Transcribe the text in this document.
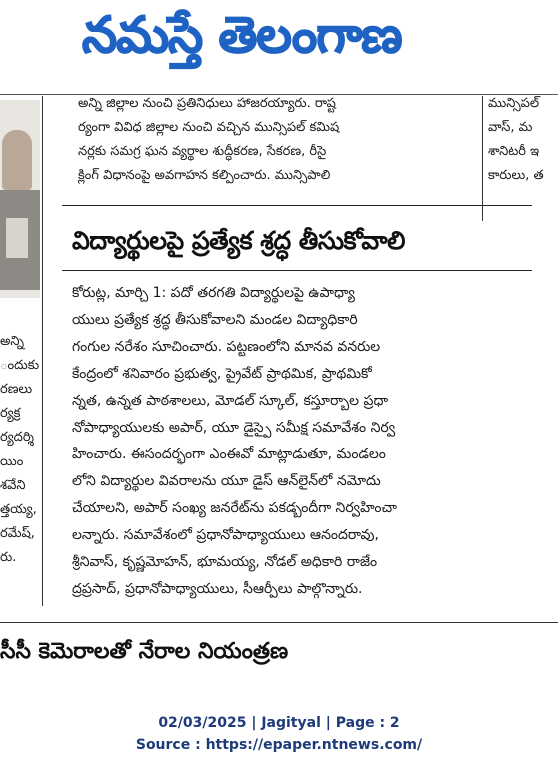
నమస్తే తెలంగాణ
అన్ని జిల్లాల నుంచి ప్రతినిధులు హాజరయ్యారు. రాష్ట
ర్యంగా వివిధ జిల్లాల నుంచి వచ్చిన మున్సిపల్ కమిష
నర్లకు సమగ్ర ఘన వ్యర్థాల శుద్ధీకరణ, సేకరణ, రీసై
క్లింగ్ విధానంపై అవగాహన కల్పించారు. మున్సిపాలి
మున్సిపల్
వాస్, మ
శానిటరీ ఇ
కారులు, త
అన్ని
ందుకు
రణలు
ర్యక్ర
ర్యదర్శి
యిం
శవేని
త్తయ్య,
రమేష్,
రు.
విద్యార్థులపై ప్రత్యేక శ్రద్ధ తీసుకోవాలి

కోరుట్ల, మార్చి 1: పదో తరగతి విద్యార్థులపై ఉపాధ్యా

యులు ప్రత్యేక శ్రద్ధ తీసుకోవాలని మండల విద్యాధికారి

గంగుల నరేశం సూచించారు. పట్టణంలోని మానవ వనరుల

కేంద్రంలో శనివారం ప్రభుత్వ, ప్రైవేట్ ప్రాథమిక, ప్రాథమికో

న్నత, ఉన్నత పాఠశాలలు, మోడల్ స్కూల్, కస్తూర్బాల ప్రధా

నోపాధ్యాయులకు అపార్, యూ డైస్పై సమీక్ష సమావేశం నిర్వ

హించారు. ఈసందర్భంగా ఎంఈవో మాట్లాడుతూ, మండలం

లోని విద్యార్థుల వివరాలను యూ డైస్ ఆన్‌లైన్‌లో నమోదు

చేయాలని, అపార్ సంఖ్య జనరేట్‌ను పకడ్బందీగా నిర్వహించా

లన్నారు. సమావేశంలో ప్రధానోపాధ్యాయులు ఆనందరావు,

శ్రీనివాస్, కృష్ణమోహన్, భూమయ్య, నోడల్ అధికారి రాజేం

ద్రప్రసాద్, ప్రధానోపాధ్యాయులు, సీఆర్పీలు పాల్గొన్నారు.

సీసీ కెమెరాలతో నేరాల నియంత్రణ
02/03/2025 | Jagityal | Page : 2
Source : https://epaper.ntnews.com/
